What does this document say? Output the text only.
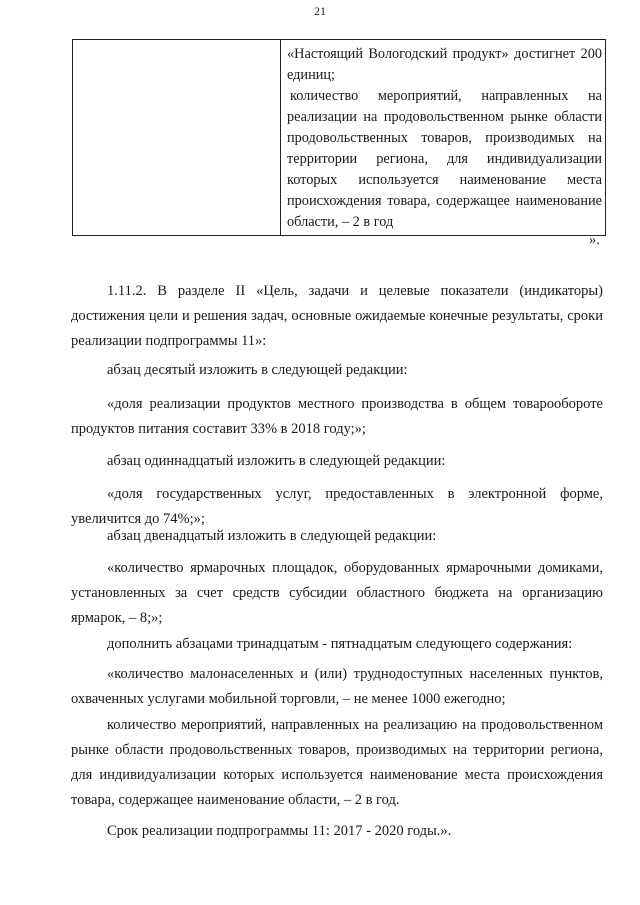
21

«Настоящий Вологодский продукт» достигнет 200 единиц;

количество мероприятий, направленных на реализации на продовольственном рынке области продовольственных товаров, производимых на территории региона, для индивидуализации которых используется наименование места происхождения товара, содержащее наименование области, – 2 в год

».

1.11.2. В разделе II «Цель, задачи и целевые показатели (индикаторы) достижения цели и решения задач, основные ожидаемые конечные результаты, сроки реализации подпрограммы 11»:

абзац десятый изложить в следующей редакции:

«доля реализации продуктов местного производства в общем товарообороте продуктов питания составит 33% в 2018 году;»;

абзац одиннадцатый изложить в следующей редакции:

«доля государственных услуг, предоставленных в электронной форме, увеличится до 74%;»;

абзац двенадцатый изложить в следующей редакции:

«количество ярмарочных площадок, оборудованных ярмарочными домиками, установленных за счет средств субсидии областного бюджета на организацию ярмарок, – 8;»;

дополнить абзацами тринадцатым - пятнадцатым следующего содержания:

«количество малонаселенных и (или) труднодоступных населенных пунктов, охваченных услугами мобильной торговли, – не менее 1000 ежегодно;

количество мероприятий, направленных на реализацию на продовольственном рынке области продовольственных товаров, производимых на территории региона, для индивидуализации которых используется наименование места происхождения товара, содержащее наименование области, – 2 в год.

Срок реализации подпрограммы 11: 2017 - 2020 годы.».
